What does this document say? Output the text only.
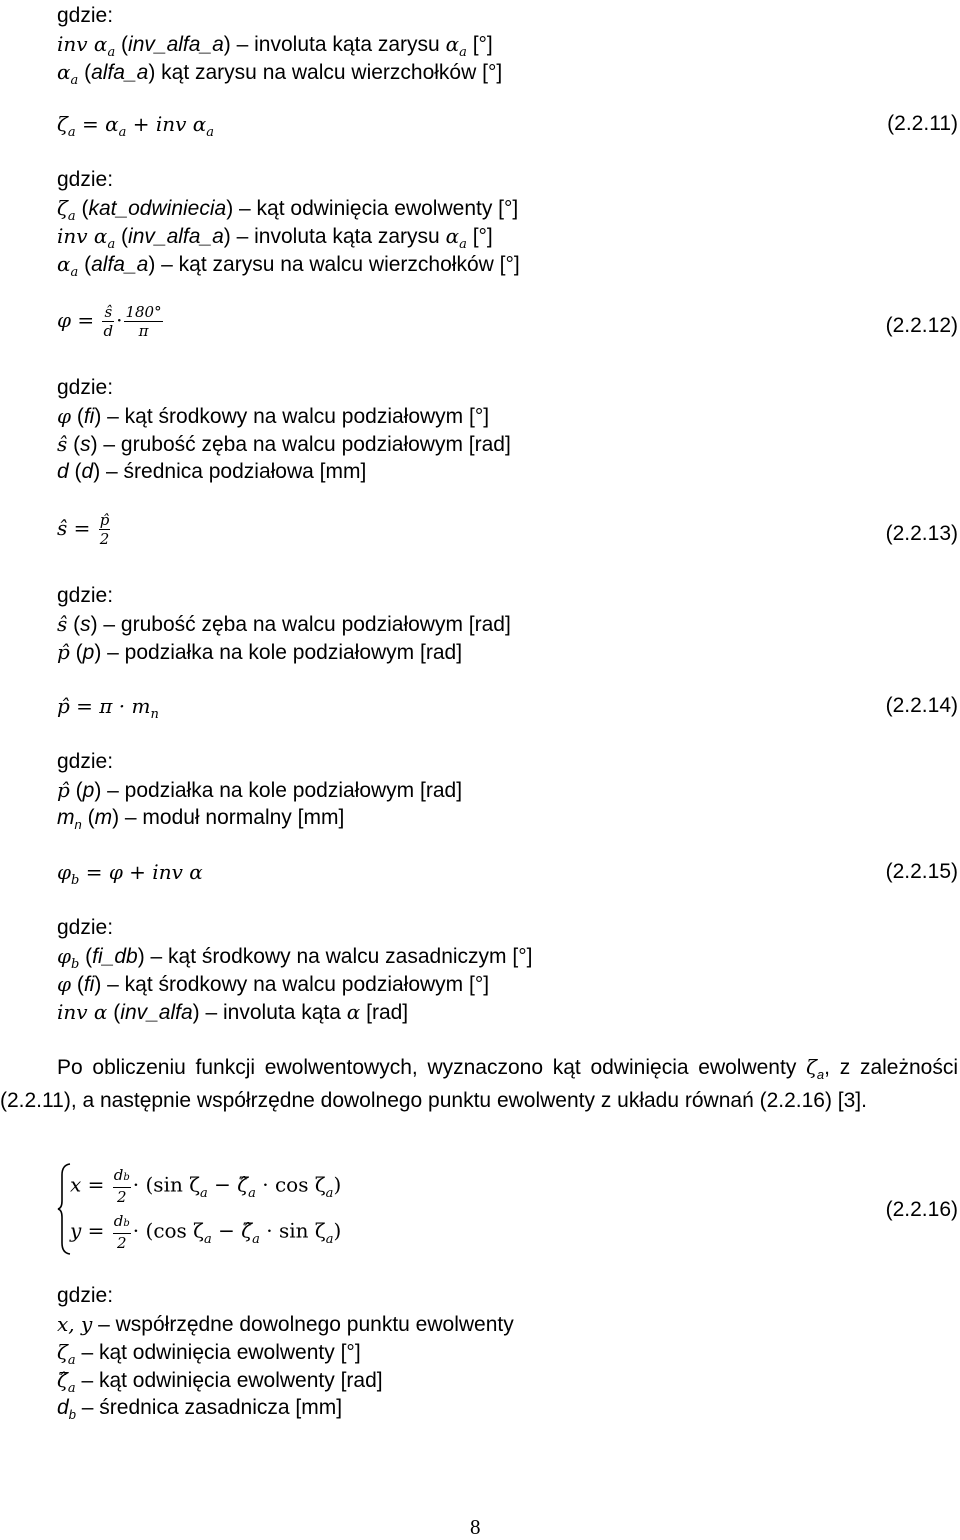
gdzie:
inv $\alpha_a$ (inv_alfa_a) – involuta kąta zarysu $\alpha_a$ [°]
$\alpha_a$ (alfa_a) kąt zarysu na walcu wierzchołków [°]
$\zeta_a = \alpha_a$ + inv $\alpha_a$	(2.2.11)
gdzie:
$\zeta_a$ (kat_odwiniecia) – kąt odwinięcia ewolwenty [°]
inv $\alpha_a$ (inv_alfa_a) – involuta kąta zarysu $\alpha_a$ [°]
$\alpha_a$ (alfa_a) – kąt zarysu na walcu wierzchołków [°]
$\varphi = \frac{ŝ}{d} \cdot \frac{180^\circ}{\pi}$	(2.2.12)
gdzie:
φ (fi) – kąt środkowy na walcu podziałowym [°]
ŝ (s) – grubość zęba na walcu podziałowym [rad]
d (d) – średnica podziałowa [mm]
ŝ = $\frac{p̂}{2}$	(2.2.13)
gdzie:
ŝ (s) – grubość zęba na walcu podziałowym [rad]
p̂ (p) – podziałka na kole podziałowym [rad]
p̂ = $\pi \cdot m_n$	(2.2.14)
gdzie:
p̂ (p) – podziałka na kole podziałowym [rad]
$m_n$ (m) – moduł normalny [mm]
$\varphi_b = \varphi$ + inv α	(2.2.15)
gdzie:
$\varphi_b$ (fi_db) – kąt środkowy na walcu zasadniczym [°]
φ (fi) – kąt środkowy na walcu podziałowym [°]
inv α (inv_alfa) – involuta kąta α [rad]
Po obliczeniu funkcji ewolwentowych, wyznaczono kąt odwinięcia ewolwenty $\zeta_a$, z zależności (2.2.11), a następnie współrzędne dowolnego punktu ewolwenty z układu równań (2.2.16) [3].
$x = \frac{db}{2} \cdot (\sin$ $\zeta_a$ − $\zetâ_a \cdot \cos \zeta_a$)
$y = \frac{db}{2} \cdot (\cos$ $\zeta_a$ − $\zetâ_a \cdot \sin \zeta_a$)
(2.2.16)
gdzie:
x, y – współrzędne dowolnego punktu ewolwenty
$\zeta_a$ – kąt odwinięcia ewolwenty [°]
$\zetâ_a$ – kąt odwinięcia ewolwenty [rad]
$d_b$ – średnica zasadnicza [mm]
8
